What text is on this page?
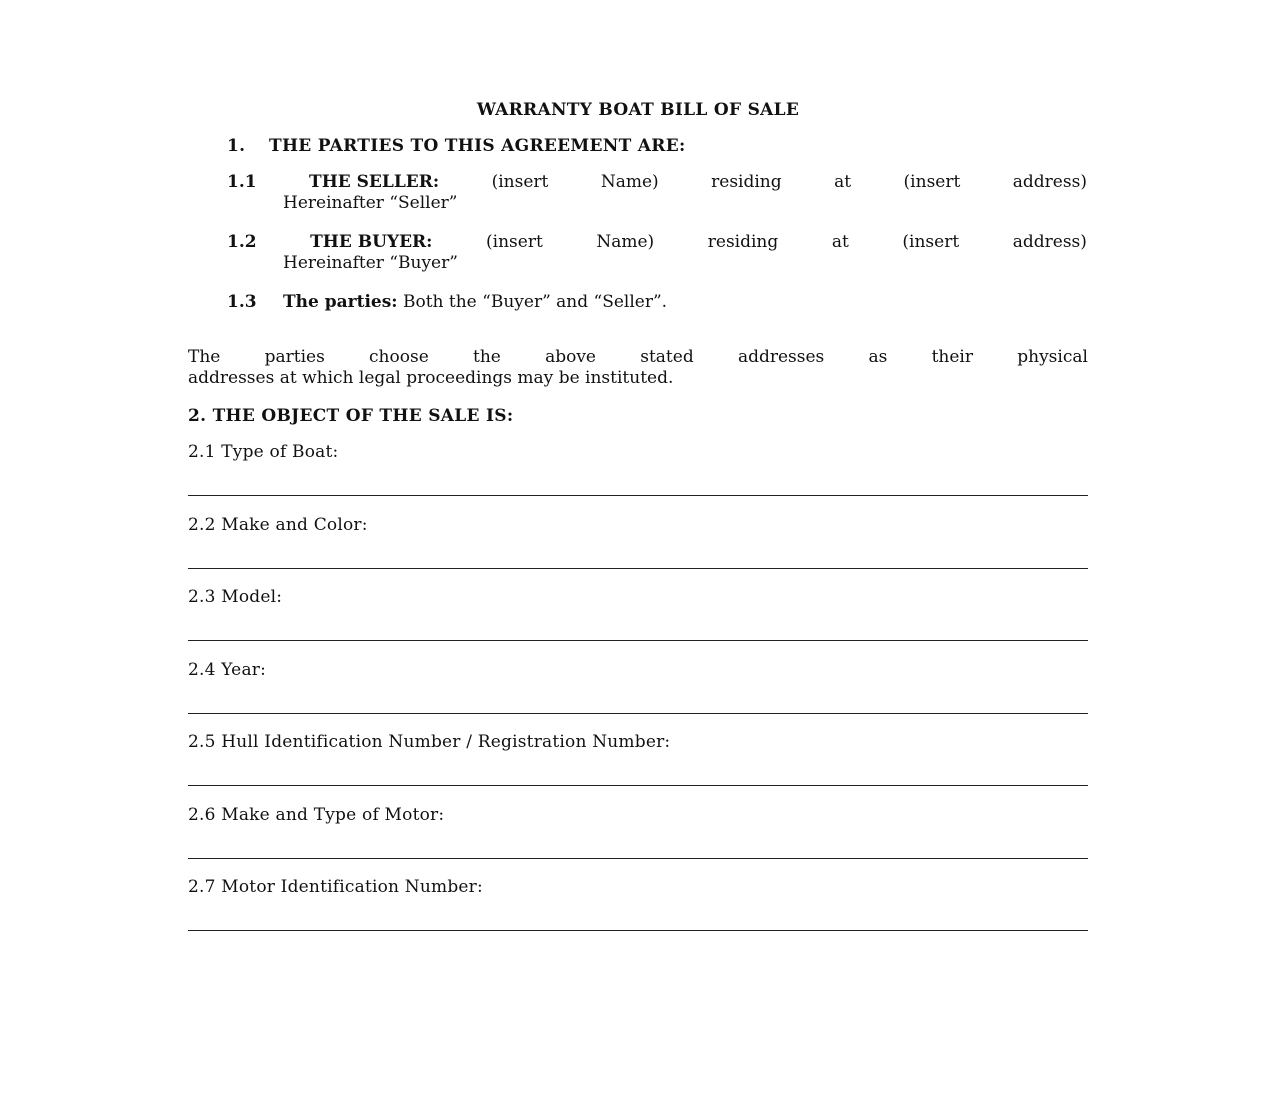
WARRANTY BOAT BILL OF SALE
1. THE PARTIES TO THIS AGREEMENT ARE:
1.1	THE SELLER:	(insert	Name)	residing	at	(insert	address)
Hereinafter “Seller”
1.2	THE BUYER:	(insert	Name)	residing	at	(insert	address)
Hereinafter “Buyer”
1.3 The parties: Both the “Buyer” and “Seller”.
The	parties	choose	the	above	stated	addresses	as	their	physical
addresses at which legal proceedings may be instituted.
2. THE OBJECT OF THE SALE IS:
2.1 Type of Boat:
2.2 Make and Color:
2.3 Model:
2.4 Year:
2.5 Hull Identification Number / Registration Number:
2.6 Make and Type of Motor:
2.7 Motor Identification Number:
